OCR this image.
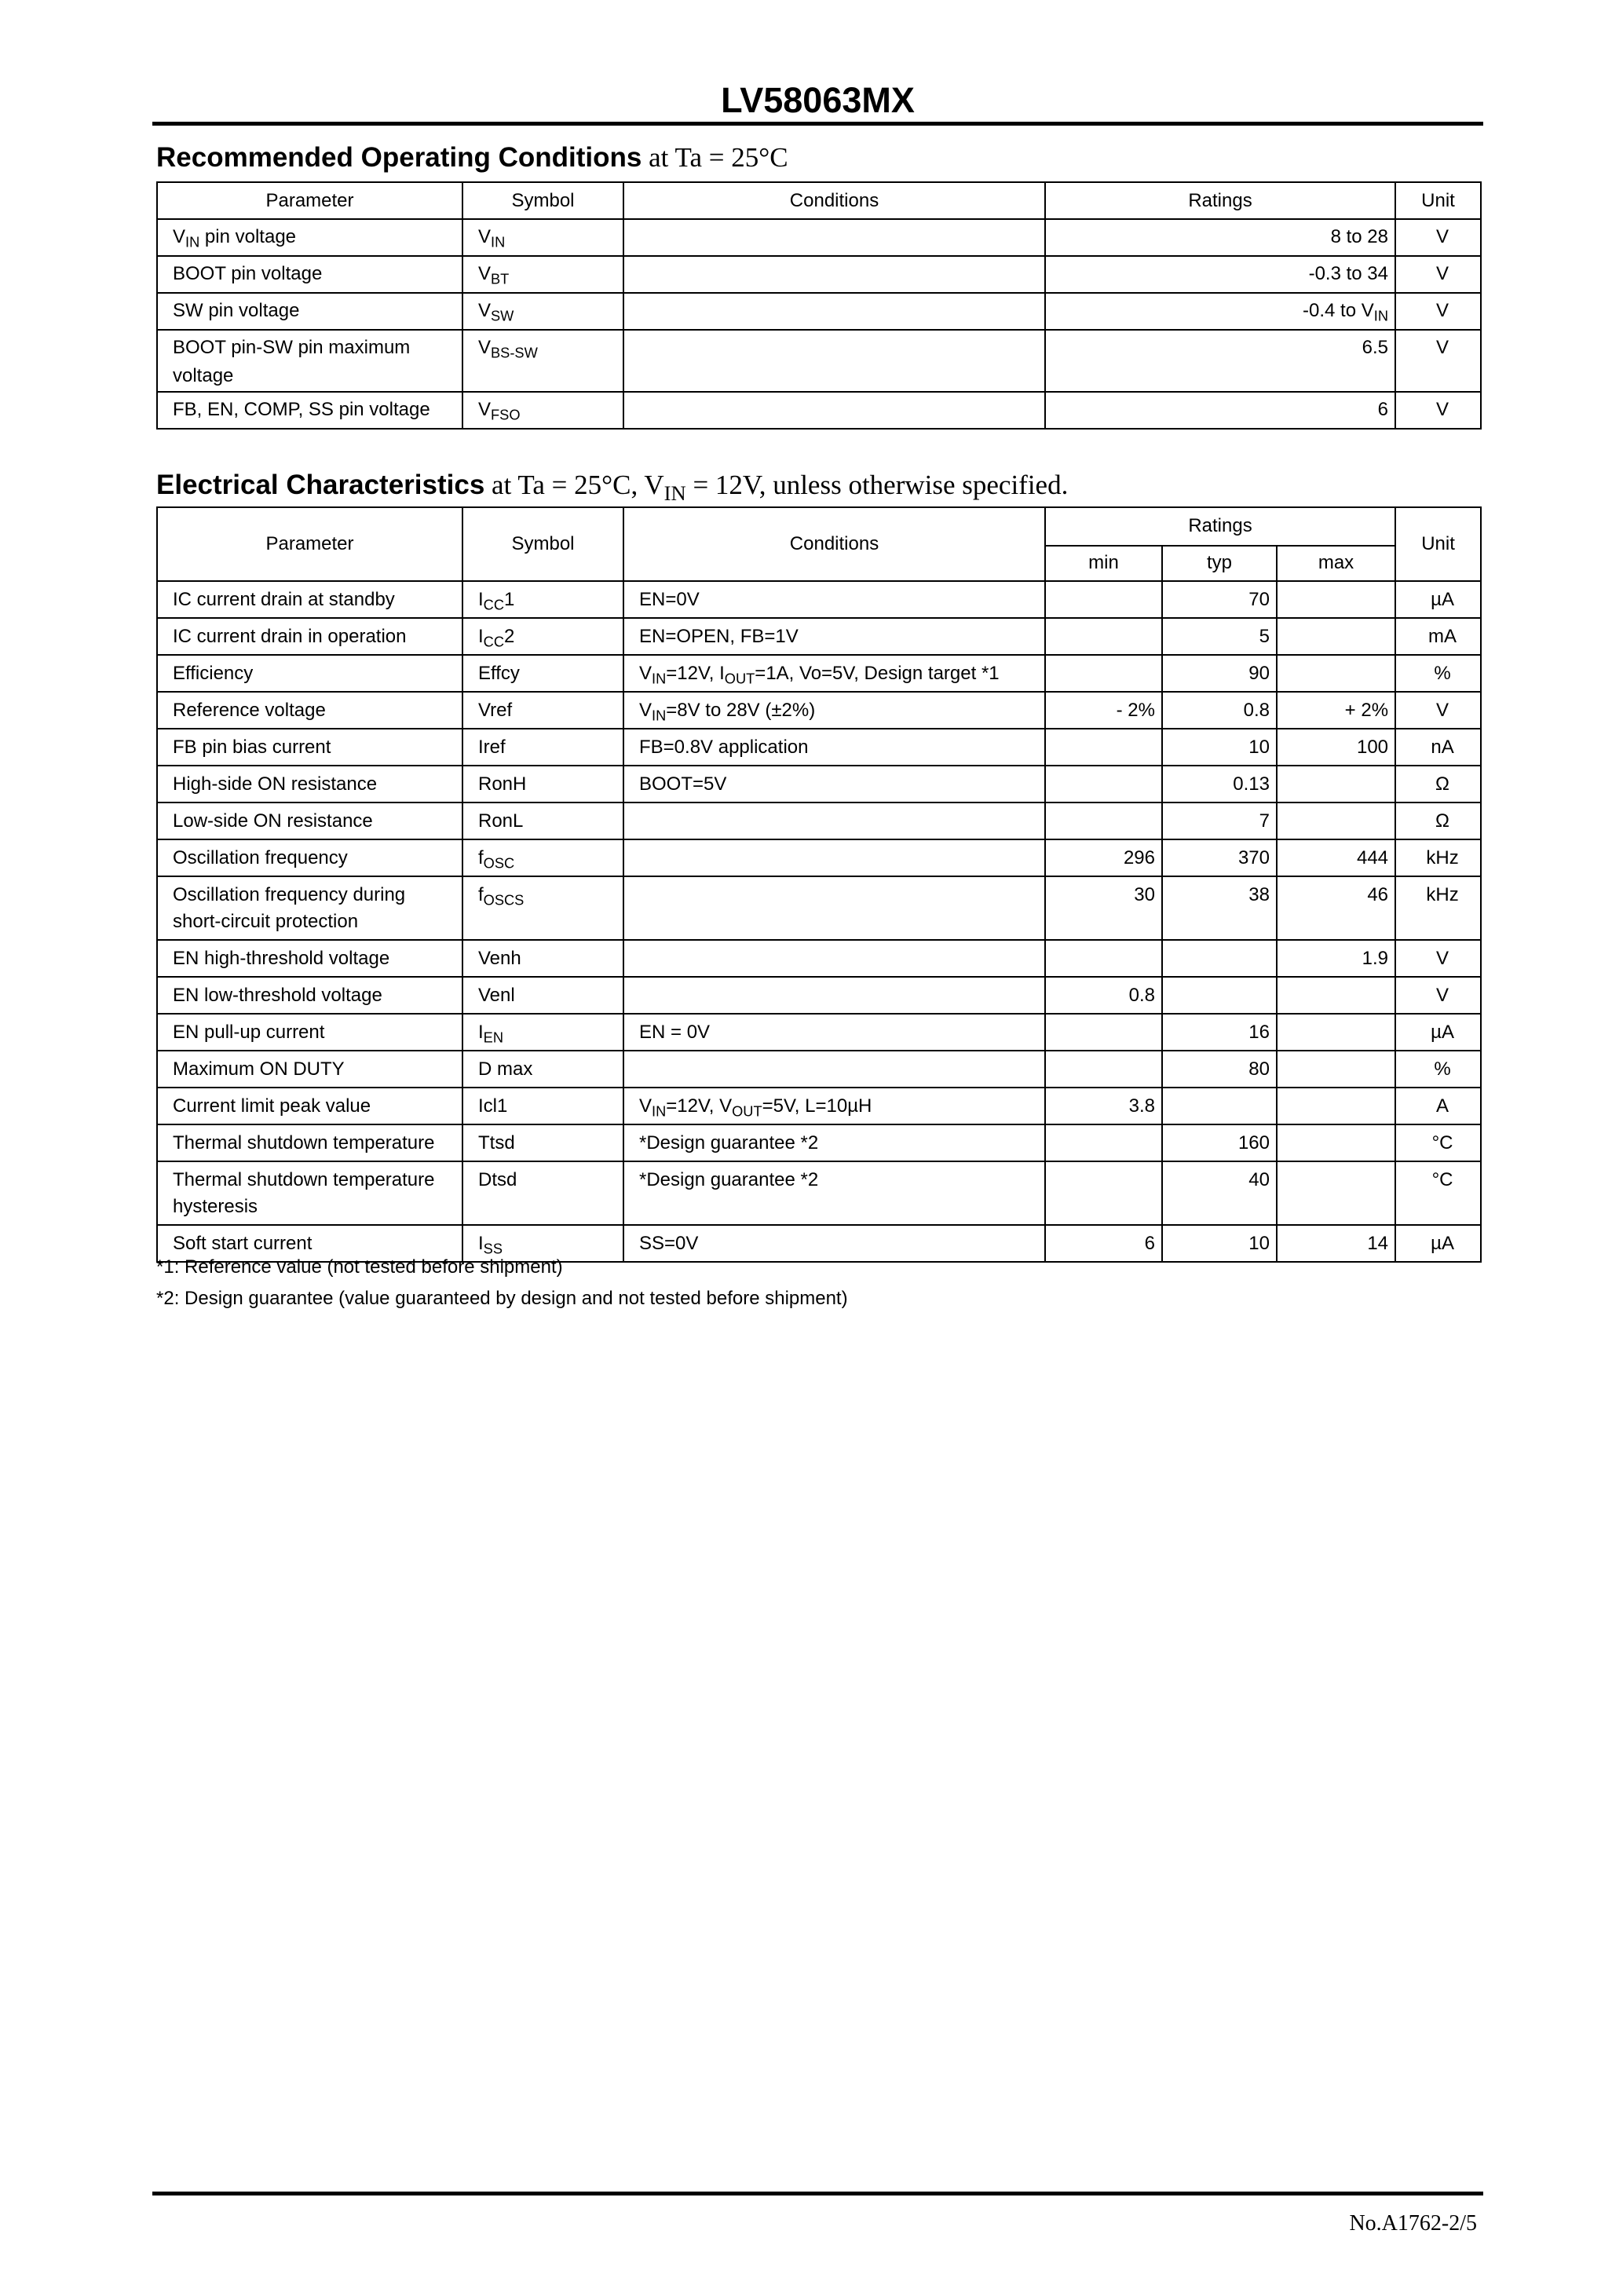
LV58063MX
Recommended Operating Conditions at Ta = 25°C
Parameter	Symbol	Conditions	Ratings	Unit
$V_{IN}$ pin voltage	$V_{IN}$		8 to 28	V
BOOT pin voltage	$V_{BT}$		-0.3 to 34	V
SW pin voltage	$V_{SW}$		-0.4 to $V_{IN}$	V
BOOT pin-SW pin maximum voltage	$V_{BS-SW}$		6.5	V
FB, EN, COMP, SS pin voltage	$V_{FSO}$		6	V
Electrical Characteristics at Ta = 25°C, $V_{IN} = 12V$, unless otherwise specified.
Parameter	Symbol	Conditions	Ratings			Unit
			min	typ	max	
IC current drain at standby	$I_{CC}1$	EN=0V		70		µA
IC current drain in operation	$I_{CC}2$	EN=OPEN, FB=1V		5		mA
Efficiency	Effcy	$V_{IN}=12V$, $I_{OUT}=1A$, Vo=5V, Design target *1		90		%
Reference voltage	Vref	$V_{IN}=8V$ to 28V (±2%)	- 2%	0.8	+ 2%	V
FB pin bias current	Iref	FB=0.8V application		10	100	nA
High-side ON resistance	RonH	BOOT=5V		0.13		Ω
Low-side ON resistance	RonL			7		Ω
Oscillation frequency	$f_{OSC}$		296	370	444	kHz
Oscillation frequency during short-circuit protection	$f_{OSCS}$		30	38	46	kHz
EN high-threshold voltage	Venh				1.9	V
EN low-threshold voltage	Venl		0.8			V
EN pull-up current	$I_{EN}$	EN = 0V		16		µA
Maximum ON DUTY	D max			80		%
Current limit peak value	Icl1	$V_{IN}=12V$, $V_{OUT}=5V$, L=10µH	3.8			A
Thermal shutdown temperature	Ttsd	*Design guarantee *2		160		°C
Thermal shutdown temperature hysteresis	Dtsd	*Design guarantee *2		40		°C
Soft start current	$I_{SS}$	SS=0V	6	10	14	µA
*1: Reference value (not tested before shipment)
*2: Design guarantee (value guaranteed by design and not tested before shipment)
No.A1762-2/5
